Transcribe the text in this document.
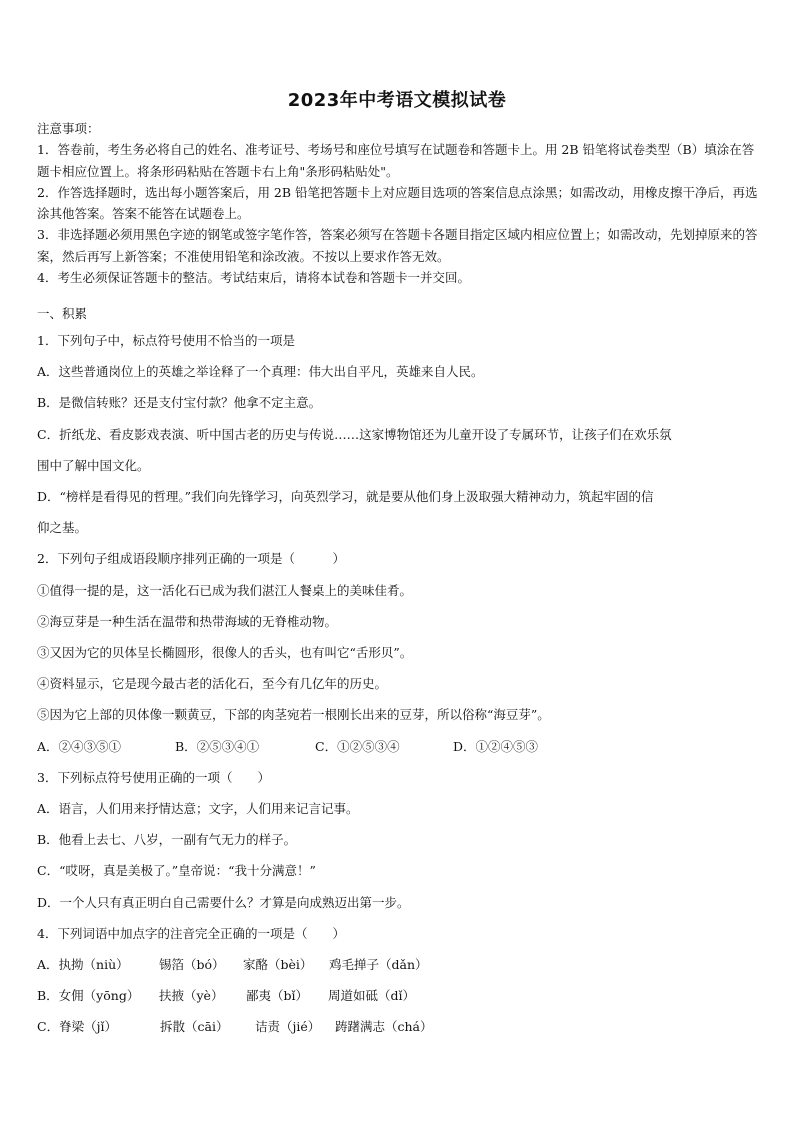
2023年中考语文模拟试卷

注意事项：

1．答卷前，考生务必将自己的姓名、准考证号、考场号和座位号填写在试题卷和答题卡上。用 2B 铅笔将试卷类型（B）填涂在答题卡相应位置上。将条形码粘贴在答题卡右上角"条形码粘贴处"。

2．作答选择题时，选出每小题答案后，用 2B 铅笔把答题卡上对应题目选项的答案信息点涂黑；如需改动，用橡皮擦干净后，再选涂其他答案。答案不能答在试题卷上。

3．非选择题必须用黑色字迹的钢笔或签字笔作答，答案必须写在答题卡各题目指定区域内相应位置上；如需改动，先划掉原来的答案，然后再写上新答案；不准使用铅笔和涂改液。不按以上要求作答无效。

4．考生必须保证答题卡的整洁。考试结束后，请将本试卷和答题卡一并交回。

一、积累
1．下列句子中，标点符号使用不恰当的一项是
A．这些普通岗位上的英雄之举诠释了一个真理：伟大出自平凡，英雄来自人民。
B．是微信转账？还是支付宝付款？他拿不定主意。
C．折纸龙、看皮影戏表演、听中国古老的历史与传说……这家博物馆还为儿童开设了专属环节，让孩子们在欢乐氛
围中了解中国文化。
D．“榜样是看得见的哲理。”我们向先锋学习，向英烈学习，就是要从他们身上汲取强大精神动力，筑起牢固的信
仰之基。
2．下列句子组成语段顺序排列正确的一项是（　　　）
①值得一提的是，这一活化石已成为我们湛江人餐桌上的美味佳肴。
②海豆芽是一种生活在温带和热带海域的无脊椎动物。
③又因为它的贝体呈长椭圆形，很像人的舌头，也有叫它“舌形贝”。
④资料显示，它是现今最古老的活化石，至今有几亿年的历史。
⑤因为它上部的贝体像一颗黄豆，下部的肉茎宛若一根刚长出来的豆芽，所以俗称“海豆芽”。
A．②④③⑤①	B．②⑤③④①	C．①②⑤③④	D．①②④⑤③
3．下列标点符号使用正确的一项（　　）
A．语言，人们用来抒情达意；文字，人们用来记言记事。
B．他看上去七、八岁，一副有气无力的样子。
C．“哎呀，真是美极了。”皇帝说：“我十分满意！”
D．一个人只有真正明白自己需要什么？才算是向成熟迈出第一步。
4．下列词语中加点字的注音完全正确的一项是（　　）
A．执拗（niù） 锡箔（bó） 家酪（bèi） 鸡毛掸子（dǎn）
B．女佣（yōng） 扶掖（yè） 鄙夷（bǐ） 周道如砥（dǐ）
C．脊梁（jǐ）	拆散（cāi） 诘责（jié） 踌躇满志（chá）
